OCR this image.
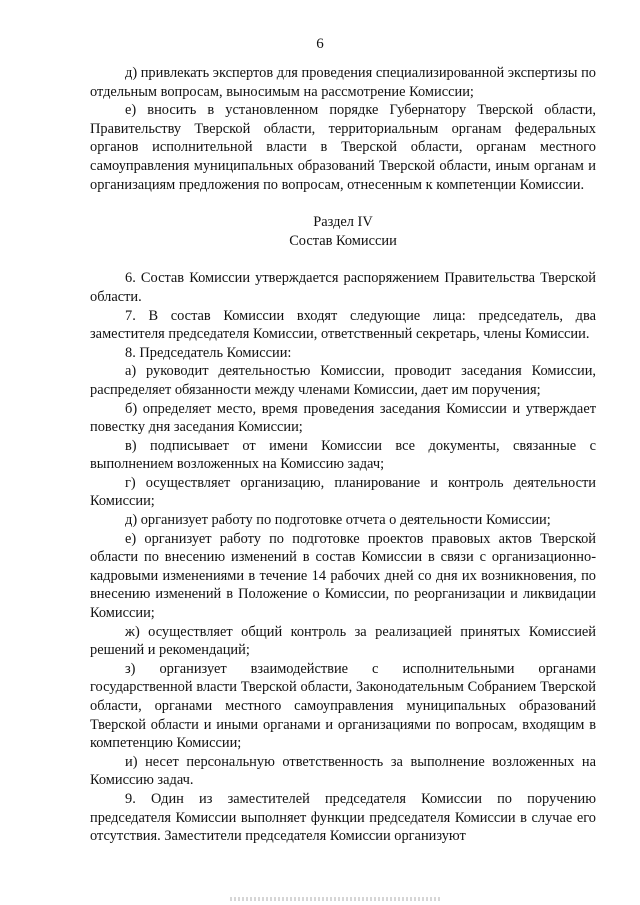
6

д) привлекать экспертов для проведения специализированной экспертизы по отдельным вопросам, выносимым на рассмотрение Комиссии;

е) вносить в установленном порядке Губернатору Тверской области, Правительству Тверской области, территориальным органам федеральных органов исполнительной власти в Тверской области, органам местного самоуправления муниципальных образований Тверской области, иным органам и организациям предложения по вопросам, отнесенным к компетенции Комиссии.

Раздел IV

Состав Комиссии

6. Состав Комиссии утверждается распоряжением Правительства Тверской области.

7. В состав Комиссии входят следующие лица: председатель, два заместителя председателя Комиссии, ответственный секретарь, члены Комиссии.

8. Председатель Комиссии:

а) руководит деятельностью Комиссии, проводит заседания Комиссии, распределяет обязанности между членами Комиссии, дает им поручения;

б) определяет место, время проведения заседания Комиссии и утверждает повестку дня заседания Комиссии;

в) подписывает от имени Комиссии все документы, связанные с выполнением возложенных на Комиссию задач;

г) осуществляет организацию, планирование и контроль деятельности Комиссии;

д) организует работу по подготовке отчета о деятельности Комиссии;

е) организует работу по подготовке проектов правовых актов Тверской области по внесению изменений в состав Комиссии в связи с организационно-кадровыми изменениями в течение 14 рабочих дней со дня их возникновения, по внесению изменений в Положение о Комиссии, по реорганизации и ликвидации Комиссии;

ж) осуществляет общий контроль за реализацией принятых Комиссией решений и рекомендаций;

з) организует взаимодействие с исполнительными органами государственной власти Тверской области, Законодательным Собранием Тверской области, органами местного самоуправления муниципальных образований Тверской области и иными органами и организациями по вопросам, входящим в компетенцию Комиссии;

и) несет персональную ответственность за выполнение возложенных на Комиссию задач.

9. Один из заместителей председателя Комиссии по поручению председателя Комиссии выполняет функции председателя Комиссии в случае его отсутствия. Заместители председателя Комиссии организуют
